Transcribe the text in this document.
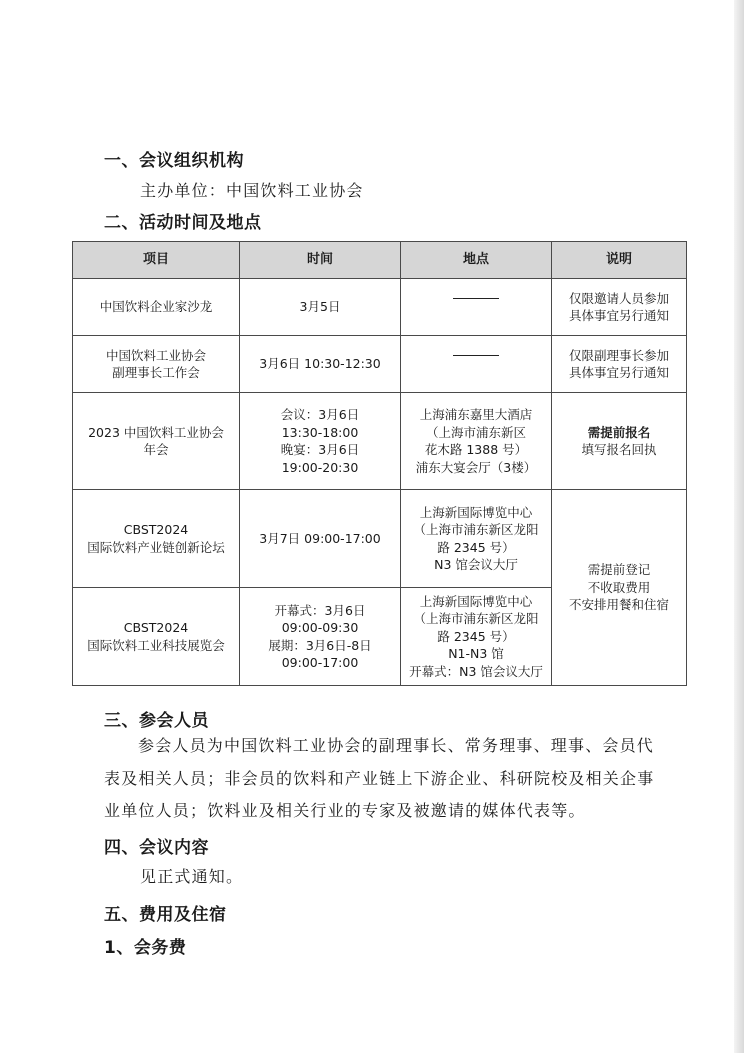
一、会议组织机构
主办单位：中国饮料工业协会
二、活动时间及地点
项目	时间	地点	说明
中国饮料企业家沙龙	3月5日		仅限邀请人员参加
具体事宜另行通知
中国饮料工业协会
副理事长工作会	3月6日 10:30-12:30		仅限副理事长参加
具体事宜另行通知
2023 中国饮料工业协会
年会	会议：3月6日
13:30-18:00
晚宴：3月6日
19:00-20:30	上海浦东嘉里大酒店
（上海市浦东新区
花木路 1388 号）
浦东大宴会厅（3楼）	需提前报名
填写报名回执

CBST2024
国际饮料产业链创新论坛	3月7日 09:00-17:00	上海新国际博览中心
（上海市浦东新区龙阳
路 2345 号）
N3 馆会议大厅	需提前登记
不收取费用
不安排用餐和住宿
CBST2024
国际饮料工业科技展览会	开幕式：3月6日
09:00-09:30
展期：3月6日-8日
09:00-17:00	上海新国际博览中心
（上海市浦东新区龙阳
路 2345 号）
N1-N3 馆
开幕式：N3 馆会议大厅	
三、参会人员
参会人员为中国饮料工业协会的副理事长、常务理事、理事、会员代表及相关人员；非会员的饮料和产业链上下游企业、科研院校及相关企事业单位人员；饮料业及相关行业的专家及被邀请的媒体代表等。
四、会议内容
见正式通知。
五、费用及住宿
1、会务费
